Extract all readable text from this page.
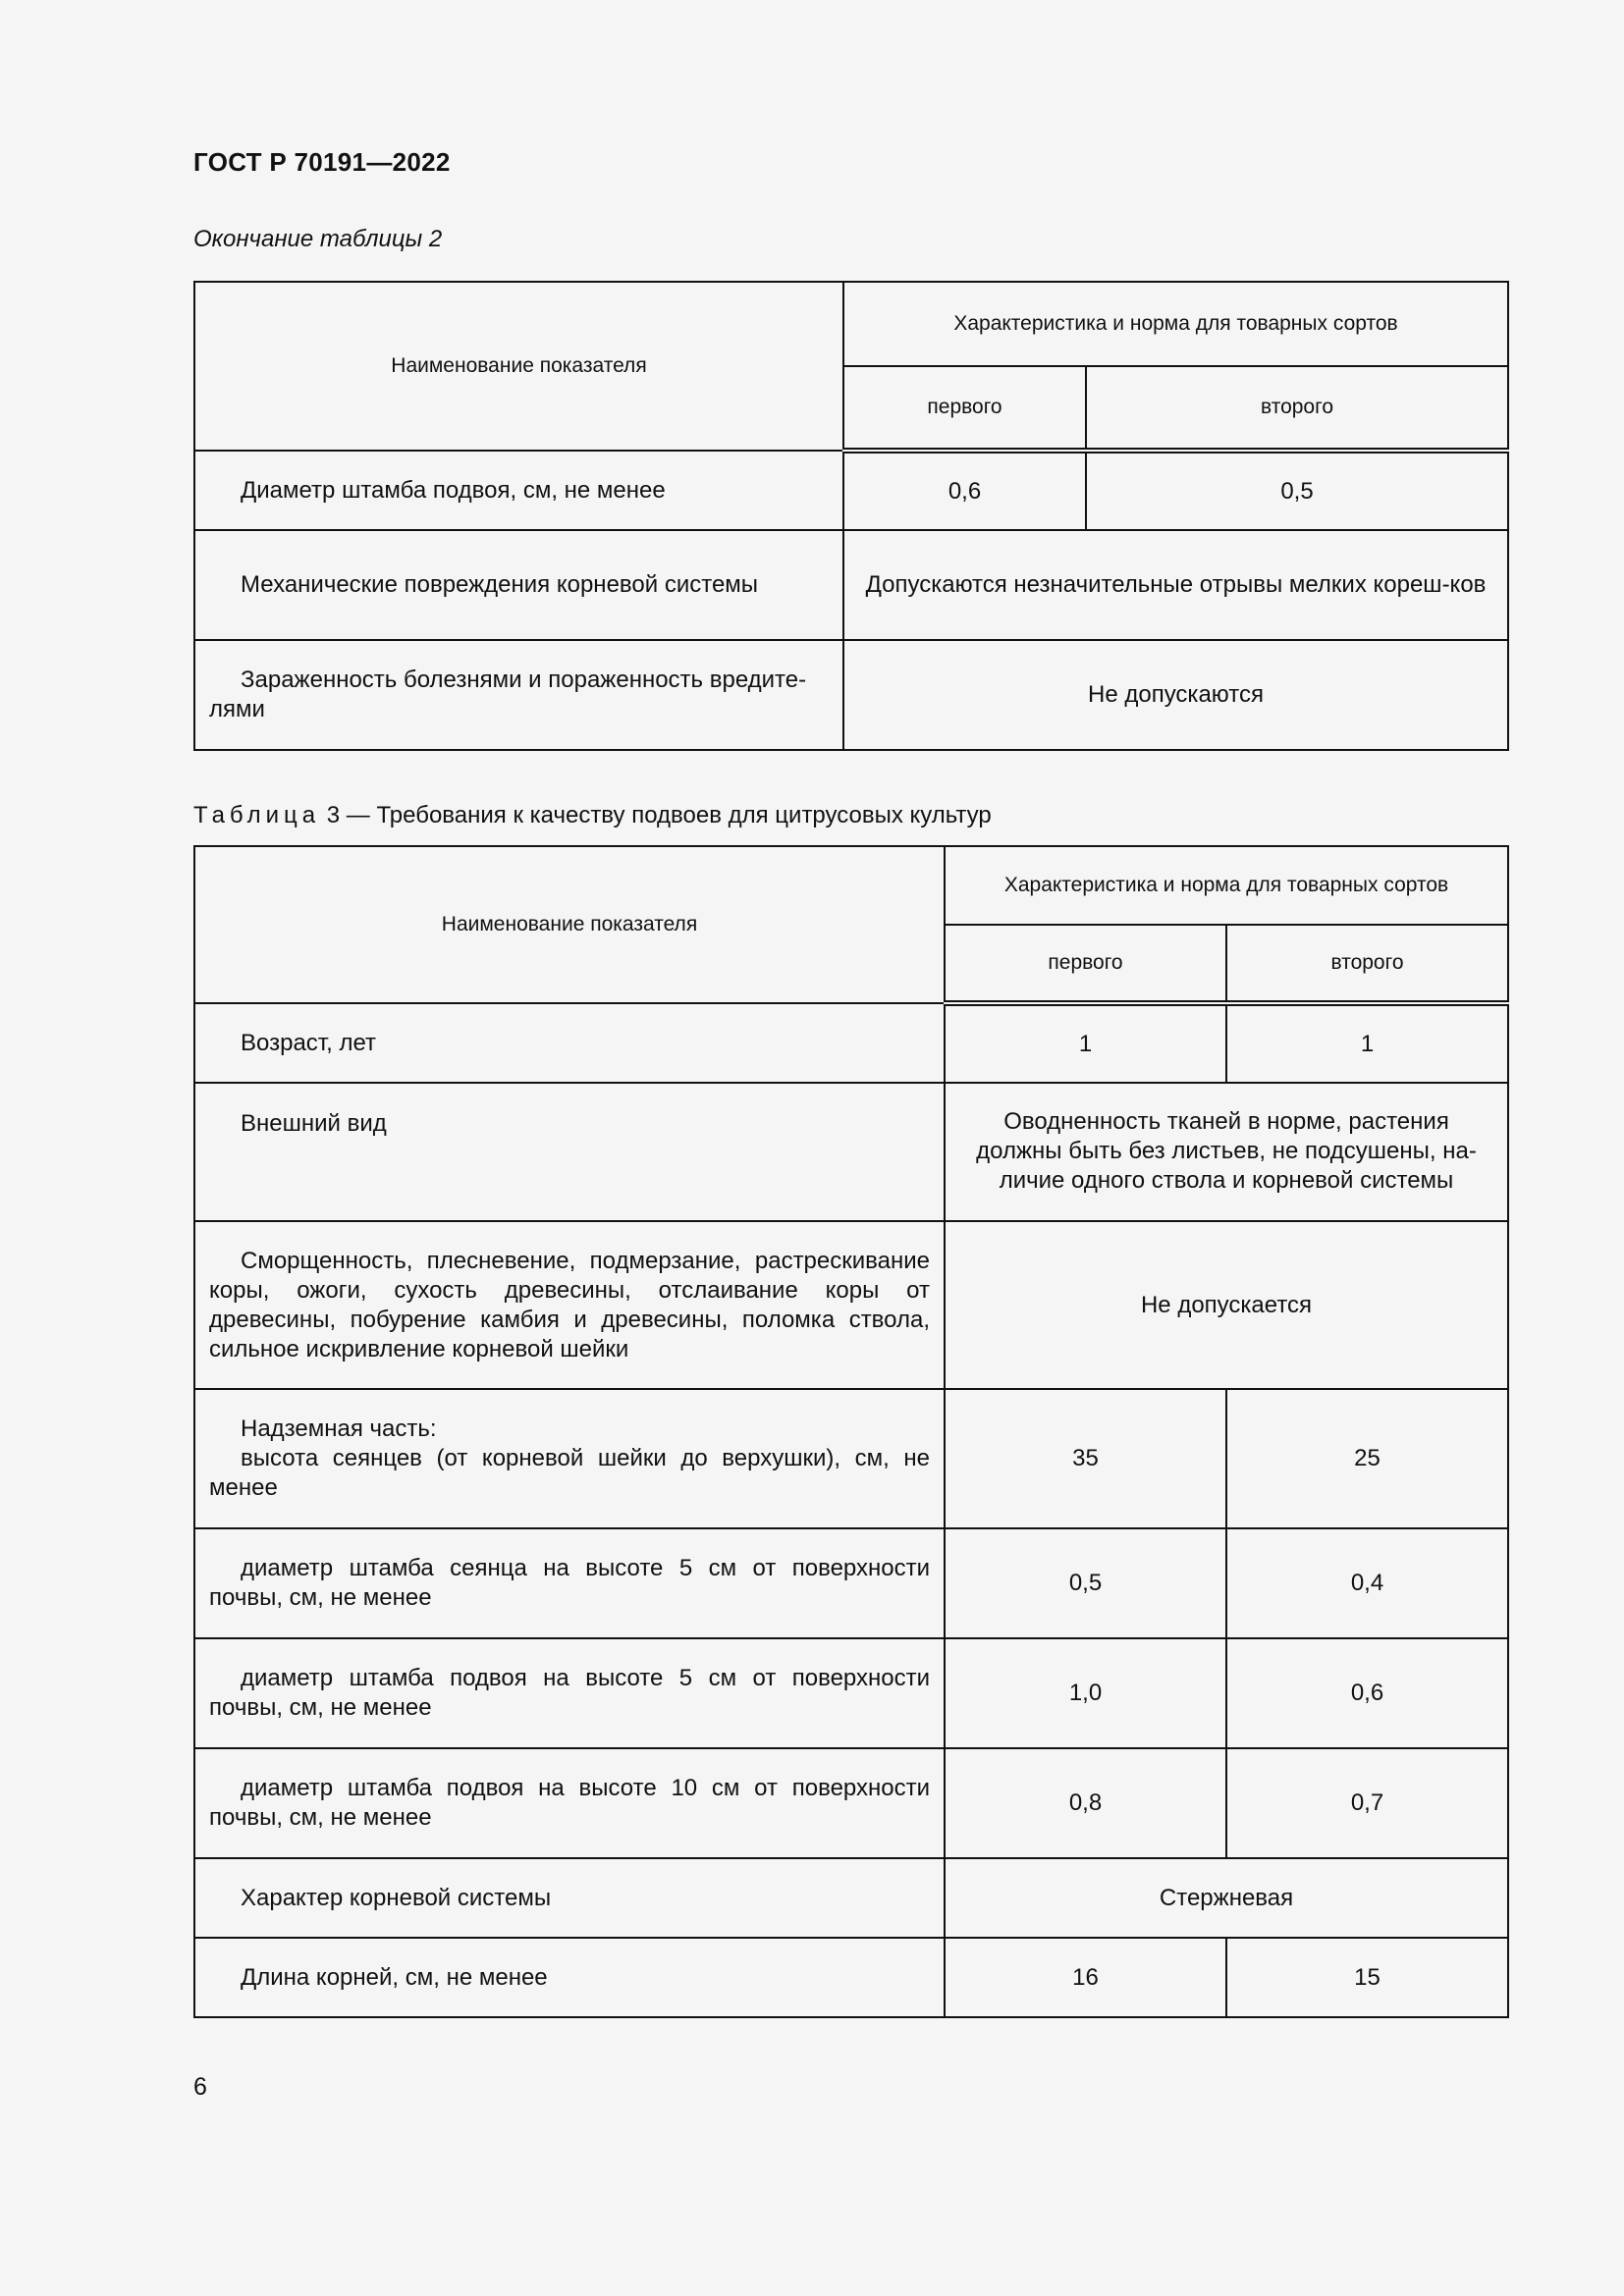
ГОСТ Р 70191—2022
Окончание таблицы 2
Наименование показателя	Характеристика и норма для товарных сортов	
	первого	второго
Диаметр штамба подвоя, см, не менее	0,6	0,5
Механические повреждения корневой системы	Допускаются незначительные отрывы мелких кореш-ков	
Зараженность болезнями и пораженность вредите-лями	Не допускаются	
Таблица 3 — Требования к качеству подвоев для цитрусовых культур
Наименование показателя	Характеристика и норма для товарных сортов	
	первого	второго
Возраст, лет	1	1
Внешний вид	Оводненность тканей в норме, растения должны быть без листьев, не подсушены, на-личие одного ствола и корневой системы	
Сморщенность, плесневение, подмерзание, растрескивание коры, ожоги, сухость древесины, отслаивание коры от древесины, побурение камбия и древесины, поломка ствола, сильное искривление корневой шейки	Не допускается	
Надземная часть:
высота сеянцев (от корневой шейки до верхушки), см, не менее	35	25
диаметр штамба сеянца на высоте 5 см от поверхности почвы, см, не менее	0,5	0,4
диаметр штамба подвоя на высоте 5 см от поверхности почвы, см, не менее	1,0	0,6
диаметр штамба подвоя на высоте 10 см от поверхности почвы, см, не менее	0,8	0,7
Характер корневой системы	Стержневая	
Длина корней, см, не менее	16	15
6
